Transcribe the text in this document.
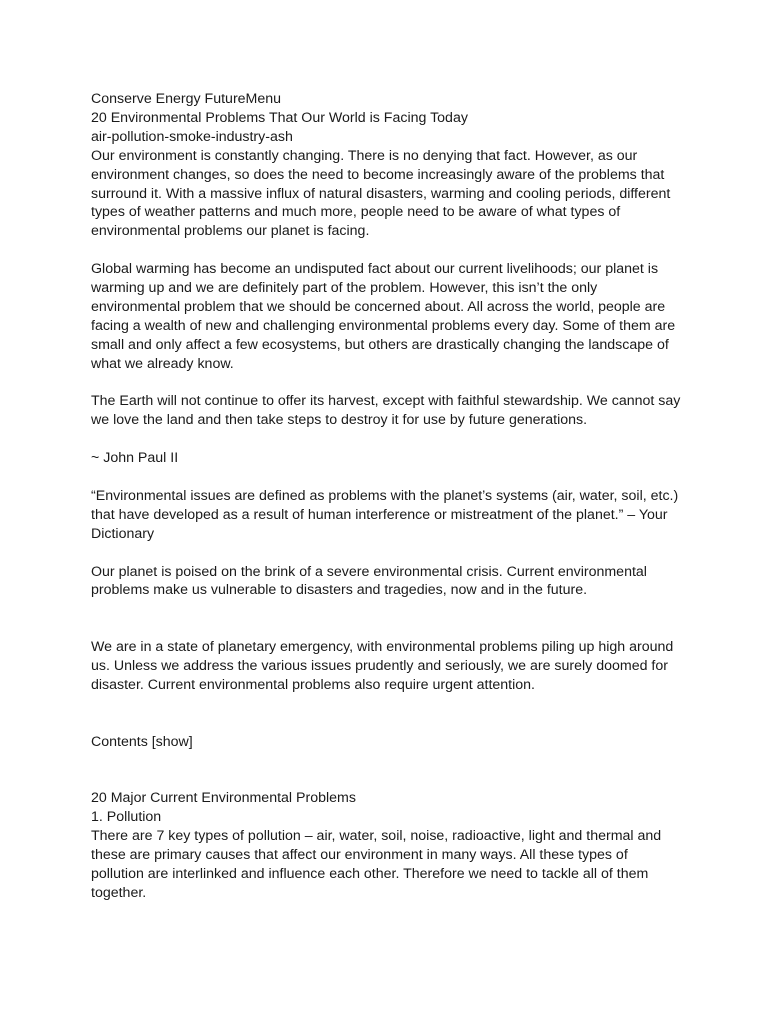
Conserve Energy FutureMenu
20 Environmental Problems That Our World is Facing Today
air-pollution-smoke-industry-ash

Our environment is constantly changing. There is no denying that fact. However, as our environment changes, so does the need to become increasingly aware of the problems that surround it. With a massive influx of natural disasters, warming and cooling periods, different types of weather patterns and much more, people need to be aware of what types of environmental problems our planet is facing.

Global warming has become an undisputed fact about our current livelihoods; our planet is warming up and we are definitely part of the problem. However, this isn’t the only environmental problem that we should be concerned about. All across the world, people are facing a wealth of new and challenging environmental problems every day. Some of them are small and only affect a few ecosystems, but others are drastically changing the landscape of what we already know.

The Earth will not continue to offer its harvest, except with faithful stewardship. We cannot say we love the land and then take steps to destroy it for use by future generations.

~ John Paul II

“Environmental issues are defined as problems with the planet’s systems (air, water, soil, etc.) that have developed as a result of human interference or mistreatment of the planet.” – Your Dictionary

Our planet is poised on the brink of a severe environmental crisis. Current environmental problems make us vulnerable to disasters and tragedies, now and in the future.

We are in a state of planetary emergency, with environmental problems piling up high around us. Unless we address the various issues prudently and seriously, we are surely doomed for disaster. Current environmental problems also require urgent attention.

Contents [show]

20 Major Current Environmental Problems
1. Pollution

There are 7 key types of pollution – air, water, soil, noise, radioactive, light and thermal and these are primary causes that affect our environment in many ways. All these types of pollution are interlinked and influence each other. Therefore we need to tackle all of them together.
